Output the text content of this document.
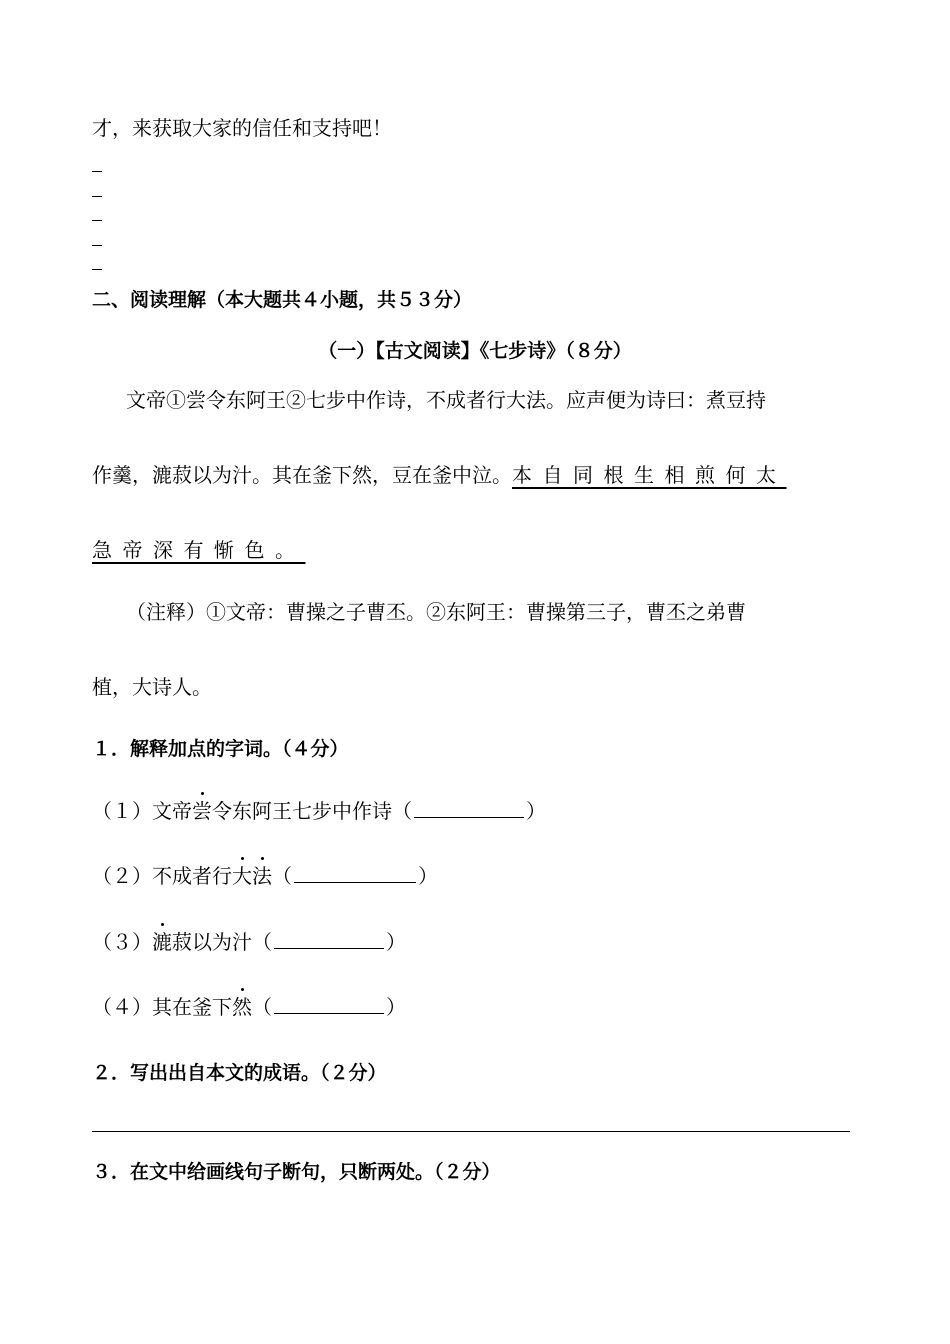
才，来获取大家的信任和支持吧！
二、阅读理解（本大题共４小题，共５３分）
（一）【古文阅读】《七步诗》（８分）
文帝①尝令东阿王②七步中作诗，不成者行大法。应声便为诗曰：煮豆持
作羹，漉菽以为汁。其在釜下然，豆在釜中泣。本自同根生相煎何太
急帝深有惭色。
（注释）①文帝：曹操之子曹丕。②东阿王：曹操第三子，曹丕之弟曹
植，大诗人。
１．解释加点的字词。（４分）
（１）文帝尝令东阿王七步中作诗（	）
（２）不成者行大法（	）
（３）漉菽以为汁（	）
（４）其在釜下然（	）
２．写出出自本文的成语。（２分）
３．在文中给画线句子断句，只断两处。（２分）
